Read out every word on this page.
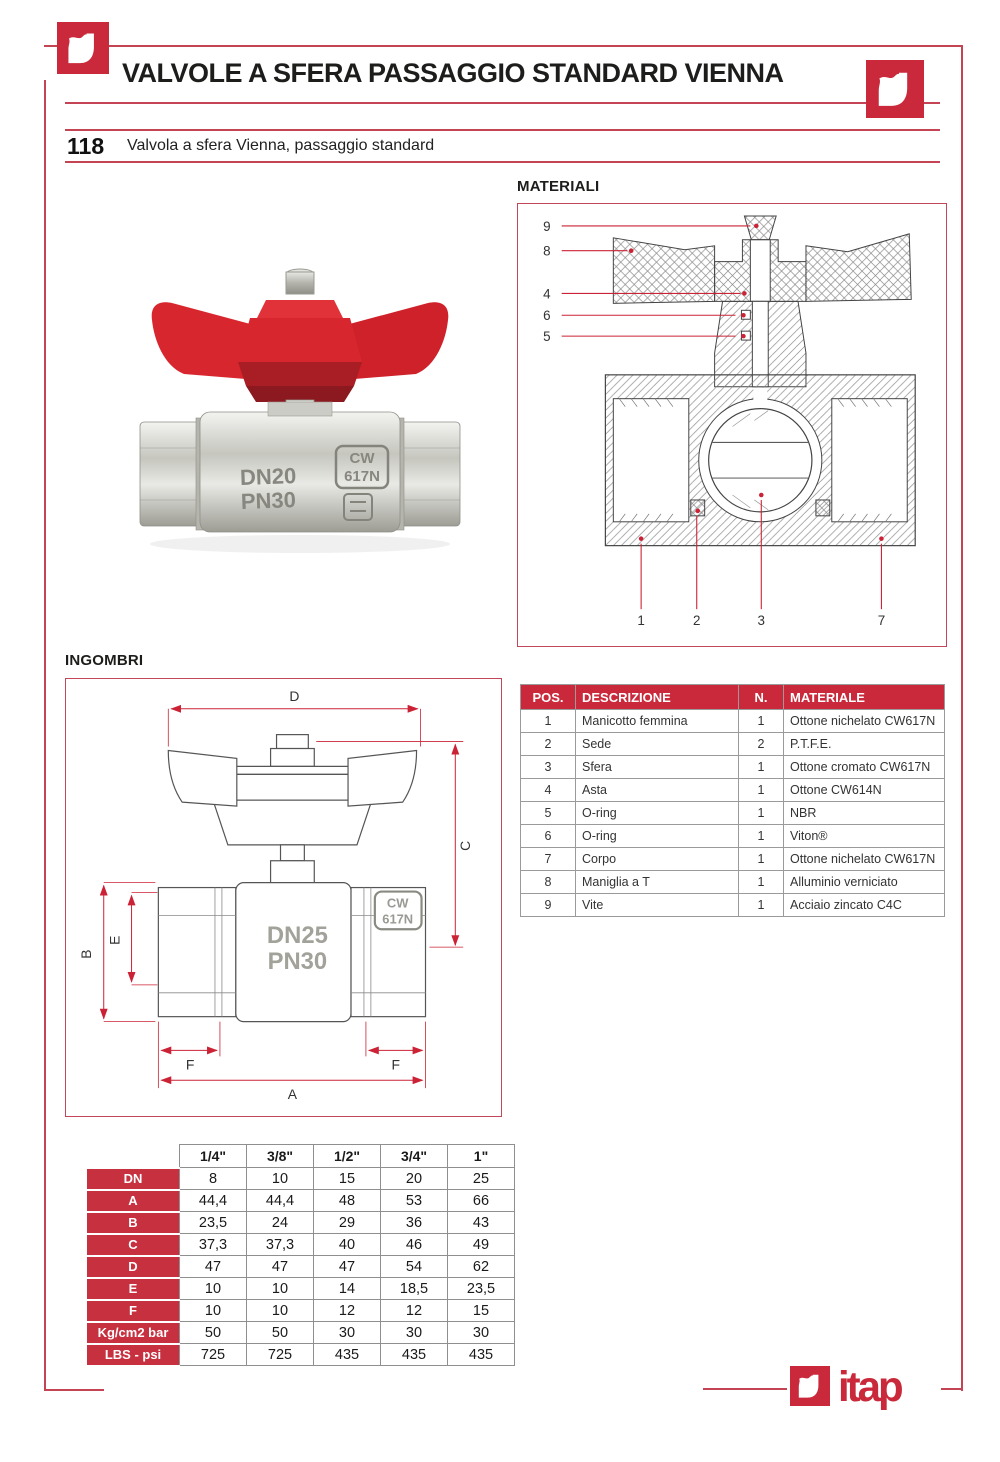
VALVOLE A SFERA PASSAGGIO STANDARD VIENNA
118 Valvola a sfera Vienna, passaggio standard
DN20
PN30
CW
617N
MATERIALI
9
8
4
6
5
1	2	3	7
INGOMBRI
DN25
PN30
CW
617N
D
C
B
E
F	F
A
POS.	DESCRIZIONE	N.	MATERIALE
1	Manicotto femmina	1	Ottone nichelato CW617N
2	Sede	2	P.T.F.E.
3	Sfera	1	Ottone cromato CW617N
4	Asta	1	Ottone CW614N
5	O-ring	1	NBR
6	O-ring	1	Viton®
7	Corpo	1	Ottone nichelato CW617N
8	Maniglia a T	1	Alluminio verniciato
9	Vite	1	Acciaio zincato C4C
	1/4"	3/8"	1/2"	3/4"	1"
DN	8	10	15	20	25
A	44,4	44,4	48	53	66
B	23,5	24	29	36	43
C	37,3	37,3	40	46	49
D	47	47	47	54	62
E	10	10	14	18,5	23,5
F	10	10	12	12	15
Kg/cm2 bar	50	50	30	30	30
LBS - psi	725	725	435	435	435
itap
